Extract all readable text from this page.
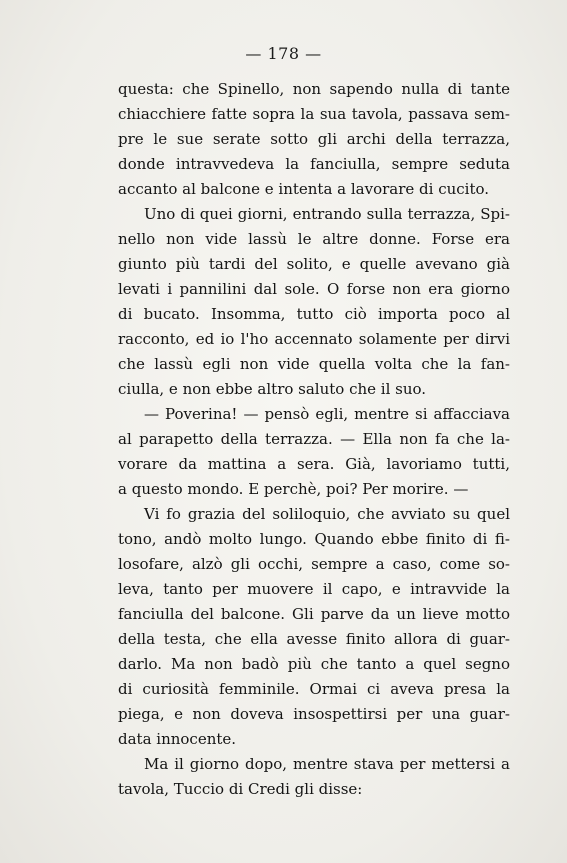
— 178 —
questa: che Spinello, non sapendo nulla di tante
chiacchiere fatte sopra la sua tavola, passava sem-
pre le sue serate sotto gli archi della terrazza,
donde intravvedeva la fanciulla, sempre seduta
accanto al balcone e intenta a lavorare di cucito.
Uno di quei giorni, entrando sulla terrazza, Spi-
nello non vide lassù le altre donne. Forse era
giunto più tardi del solito, e quelle avevano già
levati i pannilini dal sole. O forse non era giorno
di bucato. Insomma, tutto ciò importa poco al
racconto, ed io l'ho accennato solamente per dirvi
che lassù egli non vide quella volta che la fan-
ciulla, e non ebbe altro saluto che il suo.
— Poverina! — pensò egli, mentre si affacciava
al parapetto della terrazza. — Ella non fa che la-
vorare da mattina a sera. Già, lavoriamo tutti,
a questo mondo. E perchè, poi? Per morire. —
Vi fo grazia del soliloquio, che avviato su quel
tono, andò molto lungo. Quando ebbe finito di fi-
losofare, alzò gli occhi, sempre a caso, come so-
leva, tanto per muovere il capo, e intravvide la
fanciulla del balcone. Gli parve da un lieve motto
della testa, che ella avesse finito allora di guar-
darlo. Ma non badò più che tanto a quel segno
di curiosità femminile. Ormai ci aveva presa la
piega, e non doveva insospettirsi per una guar-
data innocente.
Ma il giorno dopo, mentre stava per mettersi a
tavola, Tuccio di Credi gli disse:
